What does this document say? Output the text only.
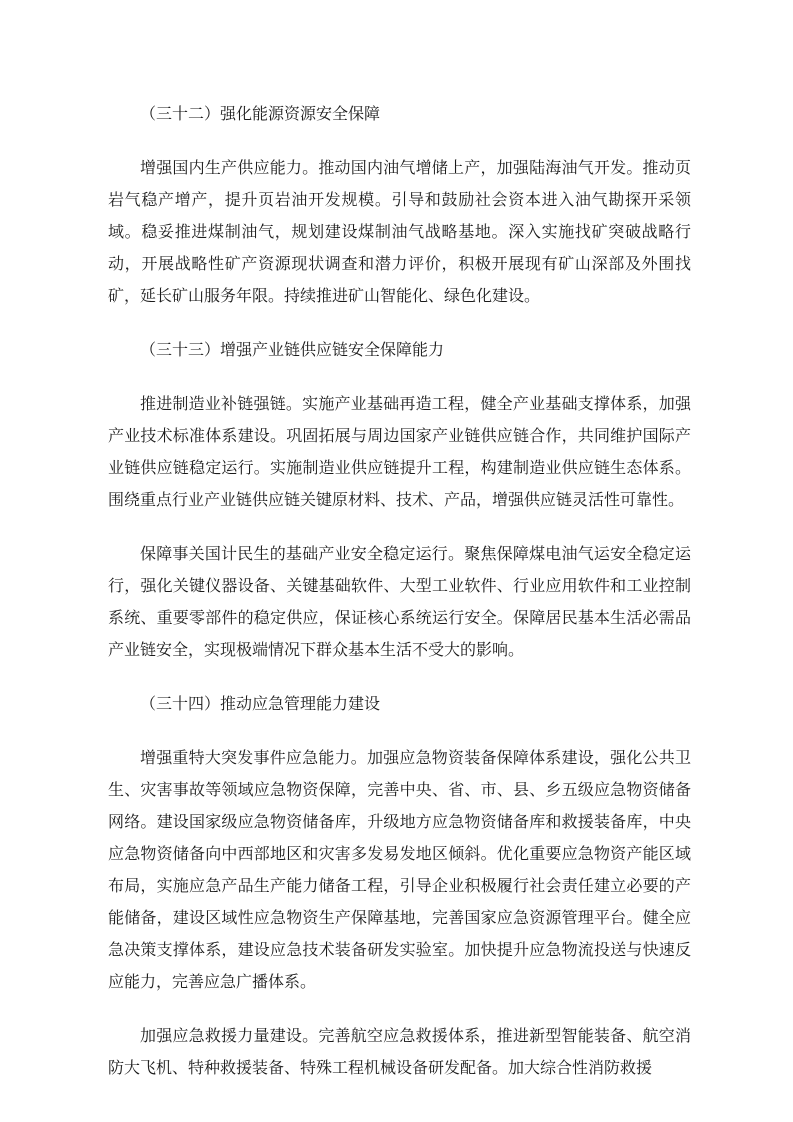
（三十二）强化能源资源安全保障

增强国内生产供应能力。推动国内油气增储上产，加强陆海油气开发。推动页岩气稳产增产，提升页岩油开发规模。引导和鼓励社会资本进入油气勘探开采领域。稳妥推进煤制油气，规划建设煤制油气战略基地。深入实施找矿突破战略行动，开展战略性矿产资源现状调查和潜力评价，积极开展现有矿山深部及外围找矿，延长矿山服务年限。持续推进矿山智能化、绿色化建设。

（三十三）增强产业链供应链安全保障能力

推进制造业补链强链。实施产业基础再造工程，健全产业基础支撑体系，加强产业技术标准体系建设。巩固拓展与周边国家产业链供应链合作，共同维护国际产业链供应链稳定运行。实施制造业供应链提升工程，构建制造业供应链生态体系。围绕重点行业产业链供应链关键原材料、技术、产品，增强供应链灵活性可靠性。

保障事关国计民生的基础产业安全稳定运行。聚焦保障煤电油气运安全稳定运行，强化关键仪器设备、关键基础软件、大型工业软件、行业应用软件和工业控制系统、重要零部件的稳定供应，保证核心系统运行安全。保障居民基本生活必需品产业链安全，实现极端情况下群众基本生活不受大的影响。

（三十四）推动应急管理能力建设

增强重特大突发事件应急能力。加强应急物资装备保障体系建设，强化公共卫生、灾害事故等领域应急物资保障，完善中央、省、市、县、乡五级应急物资储备网络。建设国家级应急物资储备库，升级地方应急物资储备库和救援装备库，中央应急物资储备向中西部地区和灾害多发易发地区倾斜。优化重要应急物资产能区域布局，实施应急产品生产能力储备工程，引导企业积极履行社会责任建立必要的产能储备，建设区域性应急物资生产保障基地，完善国家应急资源管理平台。健全应急决策支撑体系，建设应急技术装备研发实验室。加快提升应急物流投送与快速反应能力，完善应急广播体系。

加强应急救援力量建设。完善航空应急救援体系，推进新型智能装备、航空消防大飞机、特种救援装备、特殊工程机械设备研发配备。加大综合性消防救援
